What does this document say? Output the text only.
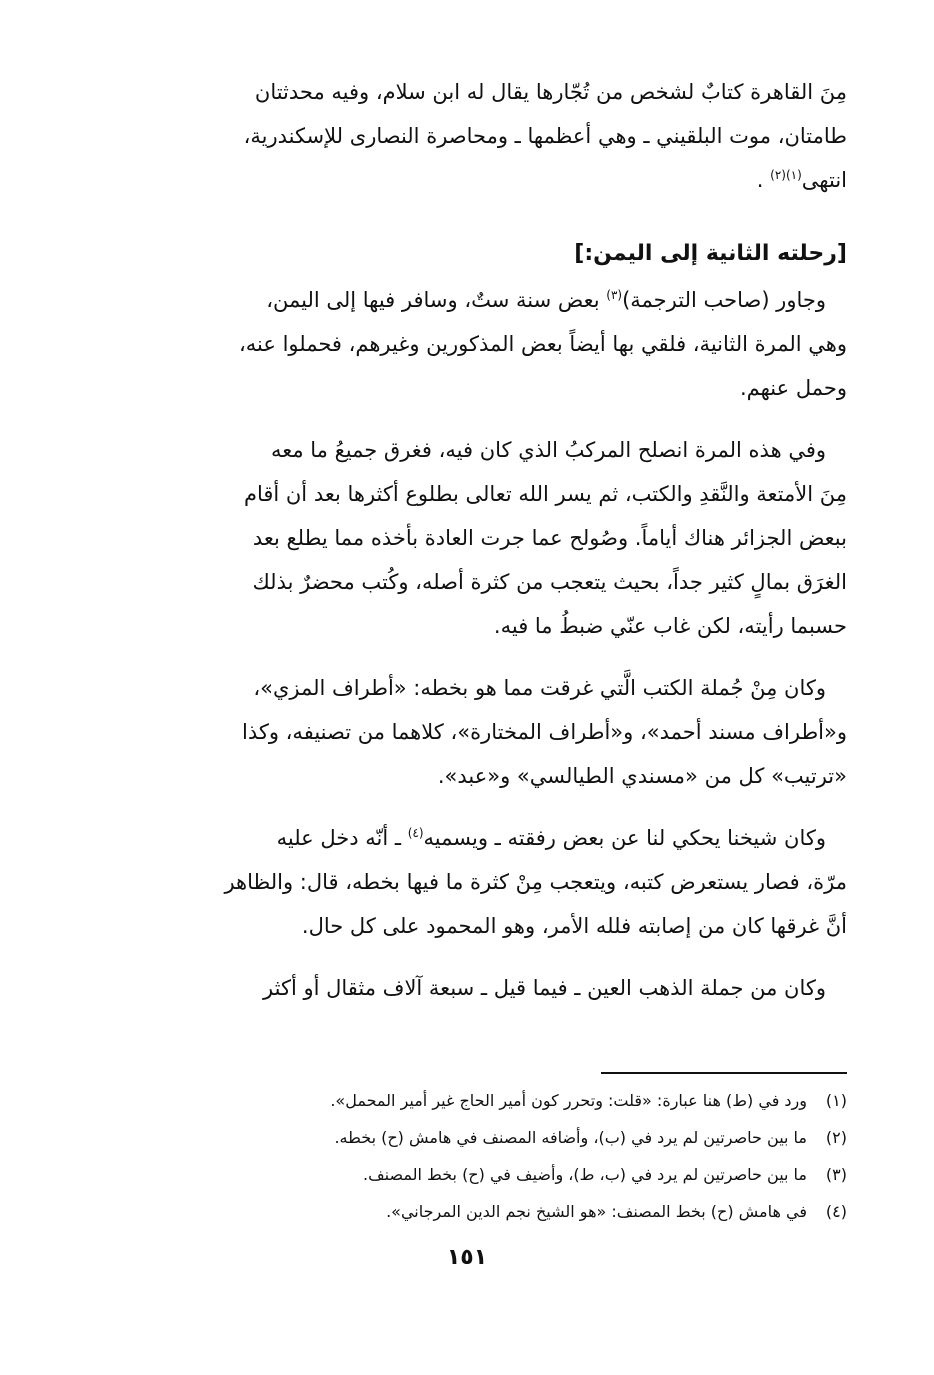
مِنَ القاهرة كتابٌ لشخص من تُجّارها يقال له ابن سلام، وفيه محدثتان
طامتان، موت البلقيني ـ وهي أعظمها ـ ومحاصرة النصارى للإسكندرية،
انتهى$^{(١)(٢)}$ .

[رحلته الثانية إلى اليمن:]

 وجاور (صاحب الترجمة)$^{(٣)}$ بعض سنة ستٌ، وسافر فيها إلى اليمن،
وهي المرة الثانية، فلقي بها أيضاً بعض المذكورين وغيرهم، فحملوا عنه،
وحمل عنهم.

 وفي هذه المرة انصلح المركبُ الذي كان فيه، فغرق جميعُ ما معه
مِنَ الأمتعة والنَّقدِ والكتب، ثم يسر الله تعالى بطلوع أكثرها بعد أن أقام
ببعض الجزائر هناك أياماً. وصُولح عما جرت العادة بأخذه مما يطلع بعد
الغرَق بمالٍ كثير جداً، بحيث يتعجب من كثرة أصله، وكُتب محضرٌ بذلك
حسبما رأيته، لكن غاب عنّي ضبطُ ما فيه.

 وكان مِنْ جُملة الكتب الَّتي غرقت مما هو بخطه: «أطراف المزي»،
و«أطراف مسند أحمد»، و«أطراف المختارة»، كلاهما من تصنيفه، وكذا
«ترتيب» كل من «مسندي الطيالسي» و«عبد».

 وكان شيخنا يحكي لنا عن بعض رفقته ـ ويسميه$^{(٤)}$ ـ أنّه دخل عليه
مرّة، فصار يستعرض كتبه، ويتعجب مِنْ كثرة ما فيها بخطه، قال: والظاهر
أنَّ غرقها كان من إصابته فلله الأمر، وهو المحمود على كل حال.

 وكان من جملة الذهب العين ـ فيما قيل ـ سبعة آلاف مثقال أو أكثر

(١)ورد في (ط) هنا عبارة: «قلت: وتحرر كون أمير الحاج غير أمير المحمل».
(٢)ما بين حاصرتين لم يرد في (ب)، وأضافه المصنف في هامش (ح) بخطه.
(٣)ما بين حاصرتين لم يرد في (ب، ط)، وأضيف في (ح) بخط المصنف.
(٤)في هامش (ح) بخط المصنف: «هو الشيخ نجم الدين المرجاني».
١٥١
